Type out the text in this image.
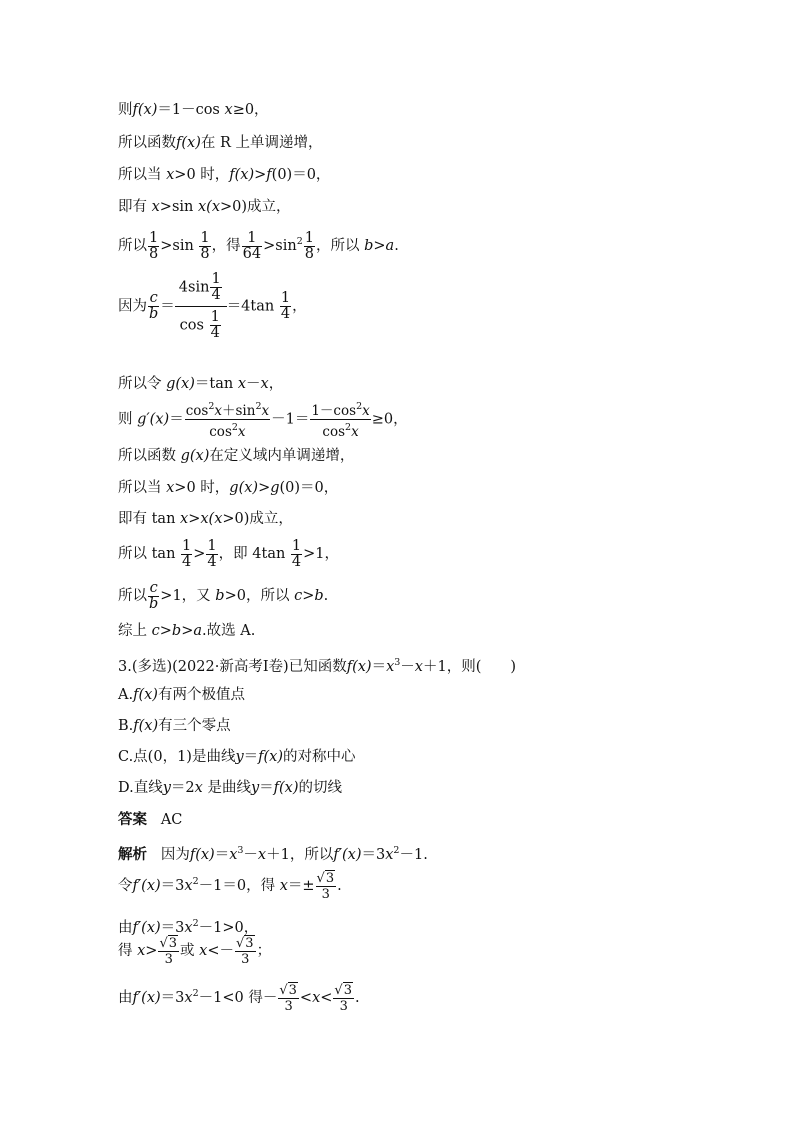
则f(x)＝1－cos x≥0，
所以函数f(x)在 R 上单调递增，
所以当 x>0 时，f(x)>f(0)＝0，
即有 x>sin x(x>0)成立，
所以 $\frac{1}{8} >\sin \frac{1}{8}$ ，得 $\frac{1}{64} >\sin^2 \frac{1}{8}$ ，所以 b>a.
因为 $\frac{c}{b} = \frac{4\sin \frac{1}{4}}{\cos \frac{1}{4}} =4\tan \frac{1}{4}$ ，
所以令 g(x)＝tan x－x，
则 $g'(x)= \frac{\cos^2x+\sin^2x}{\cos^2x} -1= \frac{1-\cos^2x}{\cos^2x} \ge 0$，
所以函数 g(x)在定义域内单调递增，
所以当 x>0 时，g(x)>g(0)＝0，
即有 tan x>x(x>0)成立，
所以 $\tan \frac{1}{4} > \frac{1}{4}$ ，即 $4\tan \frac{1}{4} >1$，
所以 $\frac{c}{b} >1$，又 b>0，所以 c>b.
综上 c>b>a.故选 A.
3.(多选)(2022·新高考Ⅰ卷)已知函数$f(x)=x^3-x+1$，则(　　)
A.f(x)有两个极值点
B.f(x)有三个零点
C.点(0，1)是曲线y＝f(x)的对称中心
D.直线y＝2x 是曲线y＝f(x)的切线
答案 AC
解析 因为$f(x)=x^3-x+1$，所以$f'(x)=3x^2-1$.
令$f'(x)=3x^2-1=0$，得 $x=\pm \frac{√3}{3}$ .
由$f'(x)=3x^2-1>0$，
得 $x> \frac{√3}{3}$ 或 $x<- \frac{√3}{3}$ ；
由$f'(x)=3x^2-1<0$ 得－ $\frac{√3}{3} <x< \frac{√3}{3}$ .
